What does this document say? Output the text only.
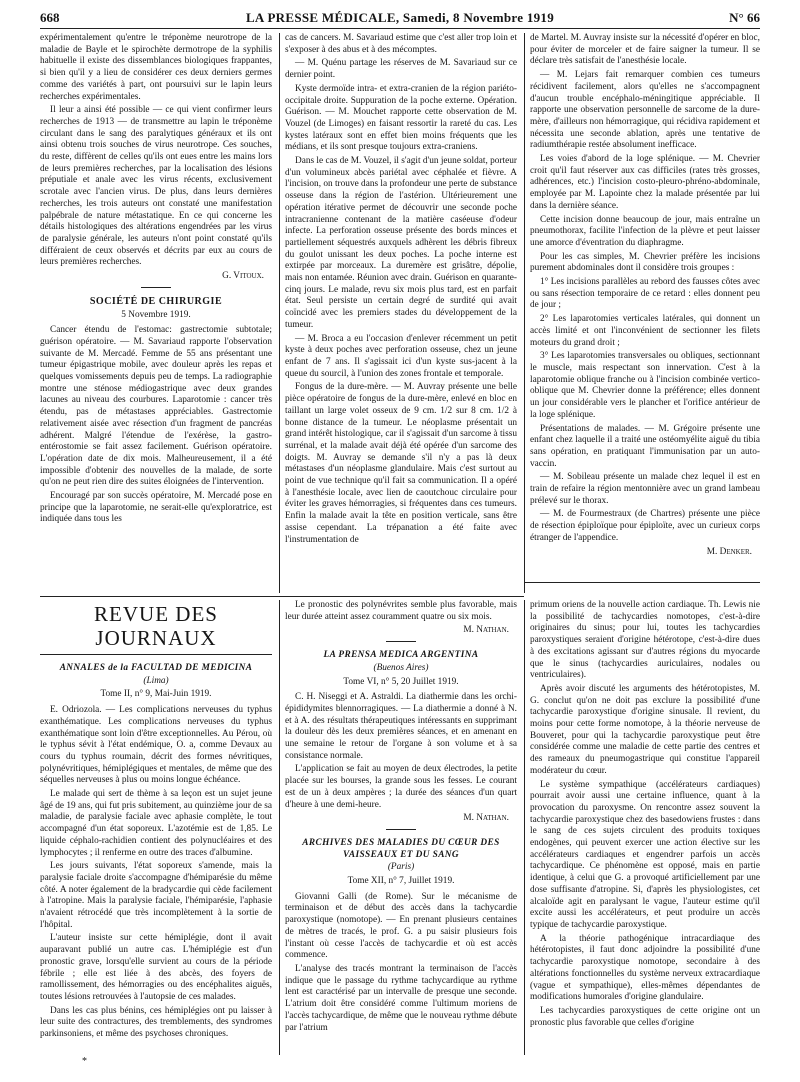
668	LA PRESSE MÉDICALE, Samedi, 8 Novembre 1919	N° 66

expérimentalement qu'entre le tréponème neurotrope de la maladie de Bayle et le spirochète dermotrope de la syphilis habituelle il existe des dissemblances biologiques frappantes, si bien qu'il y a lieu de considérer ces deux derniers germes comme des variétés à part, ont poursuivi sur le lapin leurs recherches expérimentales.

Il leur a ainsi été possible — ce qui vient confirmer leurs recherches de 1913 — de transmettre au lapin le tréponème circulant dans le sang des paralytiques généraux et ils ont ainsi obtenu trois souches de virus neurotrope. Ces souches, du reste, diffèrent de celles qu'ils ont eues entre les mains lors de leurs premières recherches, par la localisation des lésions préputiale et anale avec les virus récents, exclusivement scrotale avec l'ancien virus. De plus, dans leurs dernières recherches, les trois auteurs ont constaté une manifestation palpébrale de nature métastatique. En ce qui concerne les détails histologiques des altérations engendrées par les virus de paralysie générale, les auteurs n'ont point constaté qu'ils différaient de ceux observés et décrits par eux au cours de leurs premières recherches.

G. Vitoux.
SOCIÉTÉ DE CHIRURGIE
5 Novembre 1919.

Cancer étendu de l'estomac: gastrectomie subtotale; guérison opératoire. — M. Savariaud rapporte l'observation suivante de M. Mercadé. Femme de 55 ans présentant une tumeur épigastrique mobile, avec douleur après les repas et quelques vomissements depuis peu de temps. La radiographie montre une sténose médiogastrique avec deux grandes lacunes au niveau des courbures. Laparotomie : cancer très étendu, pas de métastases appréciables. Gastrectomie relativement aisée avec résection d'un fragment de pancréas adhérent. Malgré l'étendue de l'exérèse, la gastro-entérostomie se fait assez facilement. Guérison opératoire. L'opération date de dix mois. Malheureusement, il a été impossible d'obtenir des nouvelles de la malade, de sorte qu'on ne peut rien dire des suites éloignées de l'intervention.

Encouragé par son succès opératoire, M. Mercadé pose en principe que la laparotomie, ne serait-elle qu'exploratrice, est indiquée dans tous les

cas de cancers. M. Savariaud estime que c'est aller trop loin et s'exposer à des abus et à des mécomptes.

— M. Quénu partage les réserves de M. Savariaud sur ce dernier point.

Kyste dermoïde intra- et extra-cranien de la région pariéto-occipitale droite. Suppuration de la poche externe. Opération. Guérison. — M. Mouchet rapporte cette observation de M. Vouzel (de Limoges) en faisant ressortir la rareté du cas. Les kystes latéraux sont en effet bien moins fréquents que les médians, et ils sont presque toujours extra-craniens.

Dans le cas de M. Vouzel, il s'agit d'un jeune soldat, porteur d'un volumineux abcès pariétal avec céphalée et fièvre. A l'incision, on trouve dans la profondeur une perte de substance osseuse dans la région de l'astérion. Ultérieurement une opération itérative permet de découvrir une seconde poche intracranienne contenant de la matière caséeuse d'odeur infecte. La perforation osseuse présente des bords minces et partiellement séquestrés auxquels adhèrent les débris fibreux du goulot unissant les deux poches. La poche interne est extirpée par morceaux. La duremère est grisâtre, dépolie, mais non entamée. Réunion avec drain. Guérison en quarante-cinq jours. Le malade, revu six mois plus tard, est en parfait état. Seul persiste un certain degré de surdité qui avait coïncidé avec les premiers stades du développement de la tumeur.

— M. Broca a eu l'occasion d'enlever récemment un petit kyste à deux poches avec perforation osseuse, chez un jeune enfant de 7 ans. Il s'agissait ici d'un kyste sus-jacent à la queue du sourcil, à l'union des zones frontale et temporale.

Fongus de la dure-mère. — M. Auvray présente une belle pièce opératoire de fongus de la dure-mère, enlevé en bloc en taillant un large volet osseux de 9 cm. 1/2 sur 8 cm. 1/2 à bonne distance de la tumeur. Le néoplasme présentait un grand intérêt histologique, car il s'agissait d'un sarcome à tissu surrénal, et la malade avait déjà été opérée d'un sarcome des doigts. M. Auvray se demande s'il n'y a pas là deux métastases d'un néoplasme glandulaire. Mais c'est surtout au point de vue technique qu'il fait sa communication. Il a opéré à l'anesthésie locale, avec lien de caoutchouc circulaire pour éviter les graves hémorragies, si fréquentes dans ces tumeurs. Enfin la malade avait la tête en position verticale, sans être assise cependant. La trépanation a été faite avec l'instrumentation de

de Martel. M. Auvray insiste sur la nécessité d'opérer en bloc, pour éviter de morceler et de faire saigner la tumeur. Il se déclare très satisfait de l'anesthésie locale.

— M. Lejars fait remarquer combien ces tumeurs récidivent facilement, alors qu'elles ne s'accompagnent d'aucun trouble encéphalo-méningitique appréciable. Il rapporte une observation personnelle de sarcome de la dure-mère, d'ailleurs non hémorragique, qui récidiva rapidement et nécessita une seconde ablation, après une tentative de radiumthérapie restée absolument inefficace.

Les voies d'abord de la loge splénique. — M. Chevrier croit qu'il faut réserver aux cas difficiles (rates très grosses, adhérences, etc.) l'incision costo-pleuro-phréno-abdominale, employée par M. Lapointe chez la malade présentée par lui dans la dernière séance.

Cette incision donne beaucoup de jour, mais entraîne un pneumothorax, facilite l'infection de la plèvre et peut laisser une amorce d'éventration du diaphragme.

Pour les cas simples, M. Chevrier préfère les incisions purement abdominales dont il considère trois groupes :

1° Les incisions parallèles au rebord des fausses côtes avec ou sans résection temporaire de ce retard : elles donnent peu de jour ;

2° Les laparotomies verticales latérales, qui donnent un accès limité et ont l'inconvénient de sectionner les filets moteurs du grand droit ;

3° Les laparotomies transversales ou obliques, sectionnant le muscle, mais respectant son innervation. C'est à la laparotomie oblique franche ou à l'incision combinée vertico-oblique que M. Chevrier donne la préférence; elles donnent un jour considérable vers le plancher et l'orifice antérieur de la loge splénique.

Présentations de malades. — M. Grégoire présente une enfant chez laquelle il a traité une ostéomyélite aiguë du tibia sans opération, en pratiquant l'immunisation par un auto-vaccin.

— M. Sobileau présente un malade chez lequel il est en train de refaire la région mentonnière avec un grand lambeau prélevé sur le thorax.

— M. de Fourmestraux (de Chartres) présente une pièce de résection épiploïque pour épiploïte, avec un curieux corps étranger de l'appendice.

M. Denker.
REVUE DES JOURNAUX
ANNALES de la FACULTAD DE MEDICINA
(Lima)
Tome II, n° 9, Mai-Juin 1919.

E. Odriozola. — Les complications nerveuses du typhus exanthématique. Les complications nerveuses du typhus exanthématique sont loin d'être exceptionnelles. Au Pérou, où le typhus sévit à l'état endémique, O. a, comme Devaux au cours du typhus roumain, décrit des formes névritiques, polynévritiques, hémiplégiques et mentales, de même que des séquelles nerveuses à plus ou moins longue échéance.

Le malade qui sert de thème à sa leçon est un sujet jeune âgé de 19 ans, qui fut pris subitement, au quinzième jour de sa maladie, de paralysie faciale avec aphasie complète, le tout accompagné d'un état soporeux. L'azotémie est de 1,85. Le liquide céphalo-rachidien contient des polynucléaires et des lymphocytes ; il renferme en outre des traces d'albumine.

Les jours suivants, l'état soporeux s'amende, mais la paralysie faciale droite s'accompagne d'hémiparésie du même côté. A noter également de la bradycardie qui cède facilement à l'atropine. Mais la paralysie faciale, l'hémiparésie, l'aphasie n'avaient rétrocédé que très incomplètement à la sortie de l'hôpital.

L'auteur insiste sur cette hémiplégie, dont il avait auparavant publié un autre cas. L'hémiplégie est d'un pronostic grave, lorsqu'elle survient au cours de la période fébrile ; elle est liée à des abcès, des foyers de ramollissement, des hémorragies ou des encéphalites aiguës, toutes lésions retrouvées à l'autopsie de ces malades.

Dans les cas plus bénins, ces hémiplégies ont pu laisser à leur suite des contractures, des tremblements, des syndromes parkinsoniens, et même des psychoses chroniques.

Le pronostic des polynévrites semble plus favorable, mais leur durée atteint assez couramment quatre ou six mois.

M. Nathan.
LA PRENSA MEDICA ARGENTINA
(Buenos Aires)
Tome VI, n° 5, 20 Juillet 1919.

C. H. Niseggi et A. Astraldi. La diathermie dans les orchi-épididymites blennorragiques. — La diathermie a donné à N. et à A. des résultats thérapeutiques intéressants en supprimant la douleur dès les deux premières séances, et en amenant en une semaine le retour de l'organe à son volume et à sa consistance normale.

L'application se fait au moyen de deux électrodes, la petite placée sur les bourses, la grande sous les fesses. Le courant est de un à deux ampères ; la durée des séances d'un quart d'heure à une demi-heure.

M. Nathan.
ARCHIVES DES MALADIES DU CŒUR DES VAISSEAUX ET DU SANG
(Paris)
Tome XII, n° 7, Juillet 1919.

Giovanni Galli (de Rome). Sur le mécanisme de terminaison et de début des accès dans la tachycardie paroxystique (nomotope). — En prenant plusieurs centaines de mètres de tracés, le prof. G. a pu saisir plusieurs fois l'instant où cesse l'accès de tachycardie et où est accès commence.

L'analyse des tracés montrant la terminaison de l'accès indique que le passage du rythme tachycardique au rythme lent est caractérisé par un intervalle de presque une seconde. L'atrium doit être considéré comme l'ultimum moriens de l'accès tachycardique, de même que le nouveau rythme débute par l'atrium

primum oriens de la nouvelle action cardiaque. Th. Lewis nie la possibilité de tachycardies nomotopes, c'est-à-dire originaires du sinus; pour lui, toutes les tachycardies paroxystiques seraient d'origine hétérotope, c'est-à-dire dues à des excitations agissant sur d'autres régions du myocarde que le sinus (tachycardies auriculaires, nodales ou ventriculaires).

Après avoir discuté les arguments des hétérotopistes, M. G. conclut qu'on ne doit pas exclure la possibilité d'une tachycardie paroxystique d'origine sinusale. Il revient, du moins pour cette forme nomotope, à la théorie nerveuse de Bouveret, pour qui la tachycardie paroxystique peut être considérée comme une maladie de cette partie des centres et des rameaux du pneumogastrique qui constitue l'appareil modérateur du cœur.

Le système sympathique (accélérateurs cardiaques) pourrait avoir aussi une certaine influence, quant à la provocation du paroxysme. On rencontre assez souvent la tachycardie paroxystique chez des basedowiens frustes : dans le sang de ces sujets circulent des produits toxiques endogènes, qui peuvent exercer une action élective sur les accélérateurs cardiaques et engendrer parfois un accès tachycardique. Ce phénomène est opposé, mais en partie identique, à celui que G. a provoqué artificiellement par une dose suffisante d'atropine. Si, d'après les physiologistes, cet alcaloïde agit en paralysant le vague, l'auteur estime qu'il excite aussi les accélérateurs, et peut produire un accès typique de tachycardie paroxystique.

A la théorie pathogénique intracardiaque des hétérotopistes, il faut donc adjoindre la possibilité d'une tachycardie paroxystique nomotope, secondaire à des altérations fonctionnelles du système nerveux extracardiaque (vague et sympathique), elles-mêmes dépendantes de modifications humorales d'origine glandulaire.

Les tachycardies paroxystiques de cette origine ont un pronostic plus favorable que celles d'origine

*
